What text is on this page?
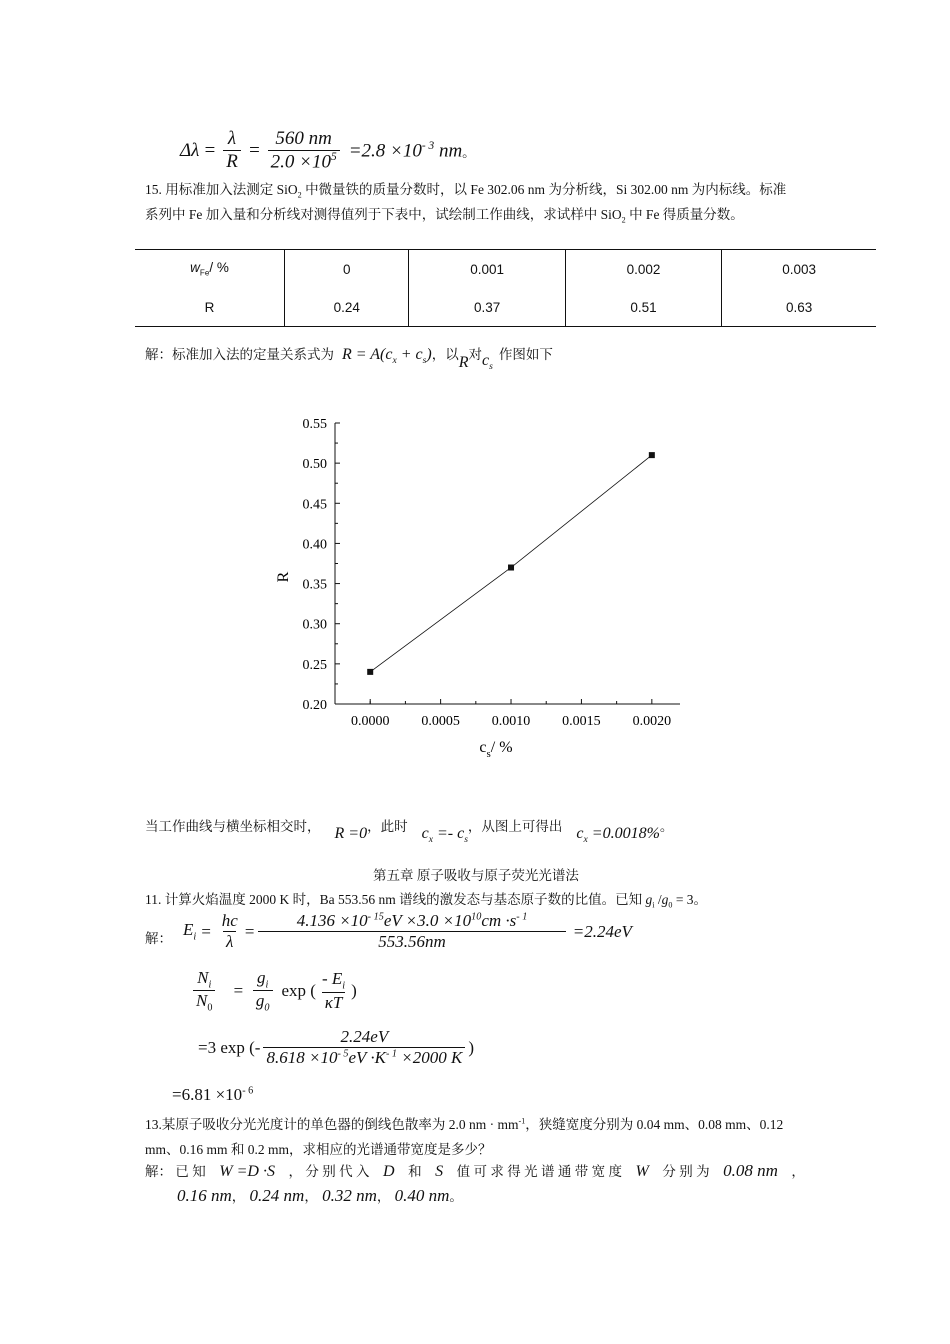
$\Delta\lambda = \frac{\lambda}{R} = \frac{560 nm}{2.0 \times 10^5} =2.8 \times 10^{- 3}$ nm 。
15. 用标准加入法测定 SiO$_2$ 中微量铁的质量分数时，以 Fe 302.06 nm 为分析线，Si 302.00 nm 为内标线。标准
系列中 Fe 加入量和分析线对测得值列于下表中，试绘制工作曲线，求试样中 SiO$_2$ 中 Fe 得质量分数。
$w_{Fe}/$ %	0	0.001	0.002	0.003
R	0.24	0.37	0.51	0.63
解：标准加入法的定量关系式为 $R = A(c_x + c_s)$ ，以 R 对 $c_s$
作图如下
0.20
0.25
0.30
0.35
0.40
0.45
0.50
0.55
0.0000 0.0005 0.0010 0.0015 0.0020
R
$c_s/$ %
当工作曲线与横坐标相交时， R =0 ，此时 $c_x =- c_s$
，从图上可得出 $c_x =0.0018\%$ 。
第五章 原子吸收与原子荧光光谱法
11. 计算火焰温度 2000 K 时，Ba 553.56 nm 谱线的激发态与基态原子数的比值。已知 $g_i$ $/g_0 = 3$。
解： $E_i = \frac{hc}{\lambda} = \frac{4.136 \times 10^{- 15}eV \times 3.0 \times 10^{10}cm \cdot s^{- 1}}{553.56nm} =2.24eV$
$\frac{N_i}{N_0} = \frac{g_i}{g_0}$ exp ( $\frac{- E_i}{\kappa T}$ )
=3 exp (- $\frac{2.24eV}{8.618 \times 10^{- 5}eV \cdot K^{- 1} \times 2000 K}$ )
$=6.81 \times 10^{- 6}$
13.某原子吸收分光光度计的单色器的倒线色散率为 2.0 nm · $mm^{-1}$，狭缝宽度分别为 0.04 mm、0.08 mm、0.12
mm、0.16 mm 和 0.2 mm，求相应的光谱通带宽度是多少？
解： 已 知 W =D ·S ， 分 别 代 入 D 和 S 值 可 求 得 光 谱 通 带 宽 度 W 分 别 为 0.08 nm ，
0.16 nm， 0.24 nm， 0.32 nm， 0.40 nm。
